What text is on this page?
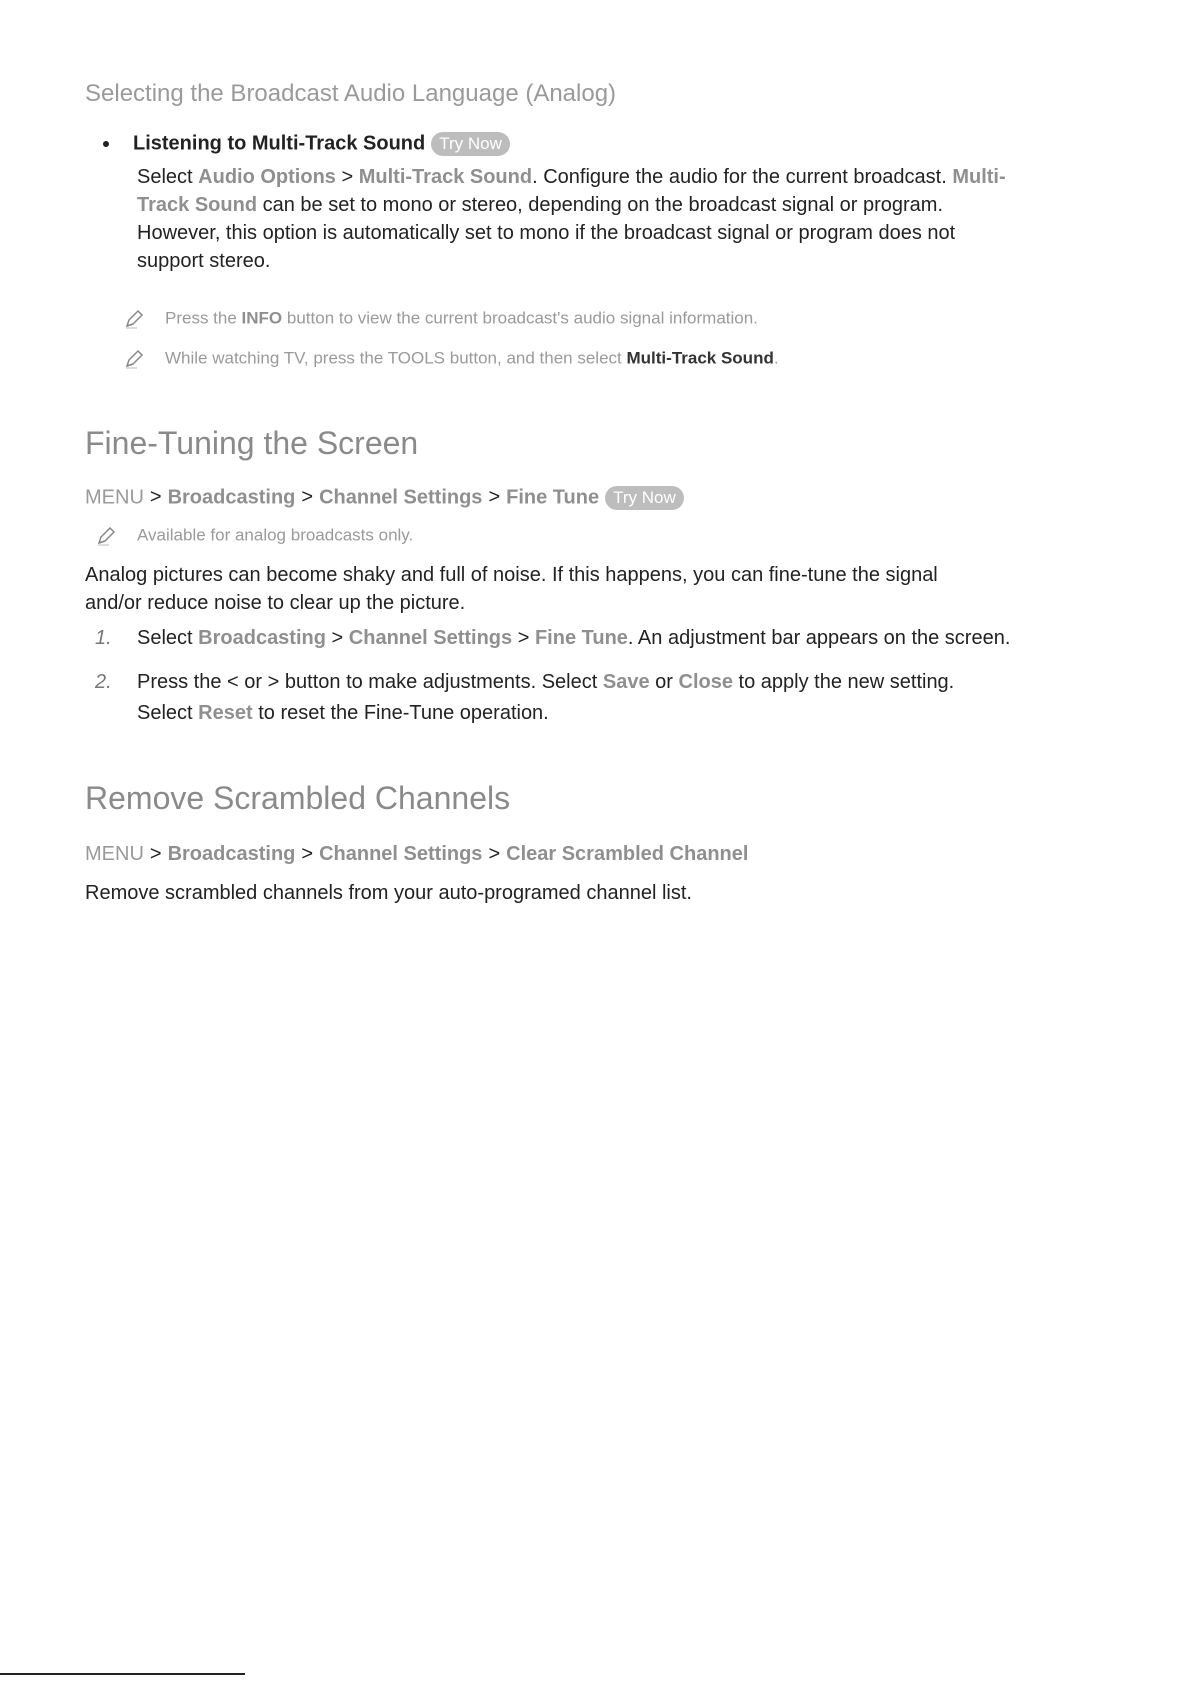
Selecting the Broadcast Audio Language (Analog)
Listening to Multi-Track Sound Try Now

Select Audio Options > Multi-Track Sound. Configure the audio for the current broadcast. Multi-
Track Sound can be set to mono or stereo, depending on the broadcast signal or program.
However, this option is automatically set to mono if the broadcast signal or program does not
support stereo.

Press the INFO button to view the current broadcast's audio signal information.
While watching TV, press the TOOLS button, and then select Multi-Track Sound.
Fine-Tuning the Screen
MENU > Broadcasting > Channel Settings > Fine Tune Try Now
Available for analog broadcasts only.

Analog pictures can become shaky and full of noise. If this happens, you can fine-tune the signal
and/or reduce noise to clear up the picture.

1. Select Broadcasting > Channel Settings > Fine Tune. An adjustment bar appears on the screen.
2. Press the < or > button to make adjustments. Select Save or Close to apply the new setting.
Select Reset to reset the Fine-Tune operation.
Remove Scrambled Channels
MENU > Broadcasting > Channel Settings > Clear Scrambled Channel

Remove scrambled channels from your auto-programed channel list.
